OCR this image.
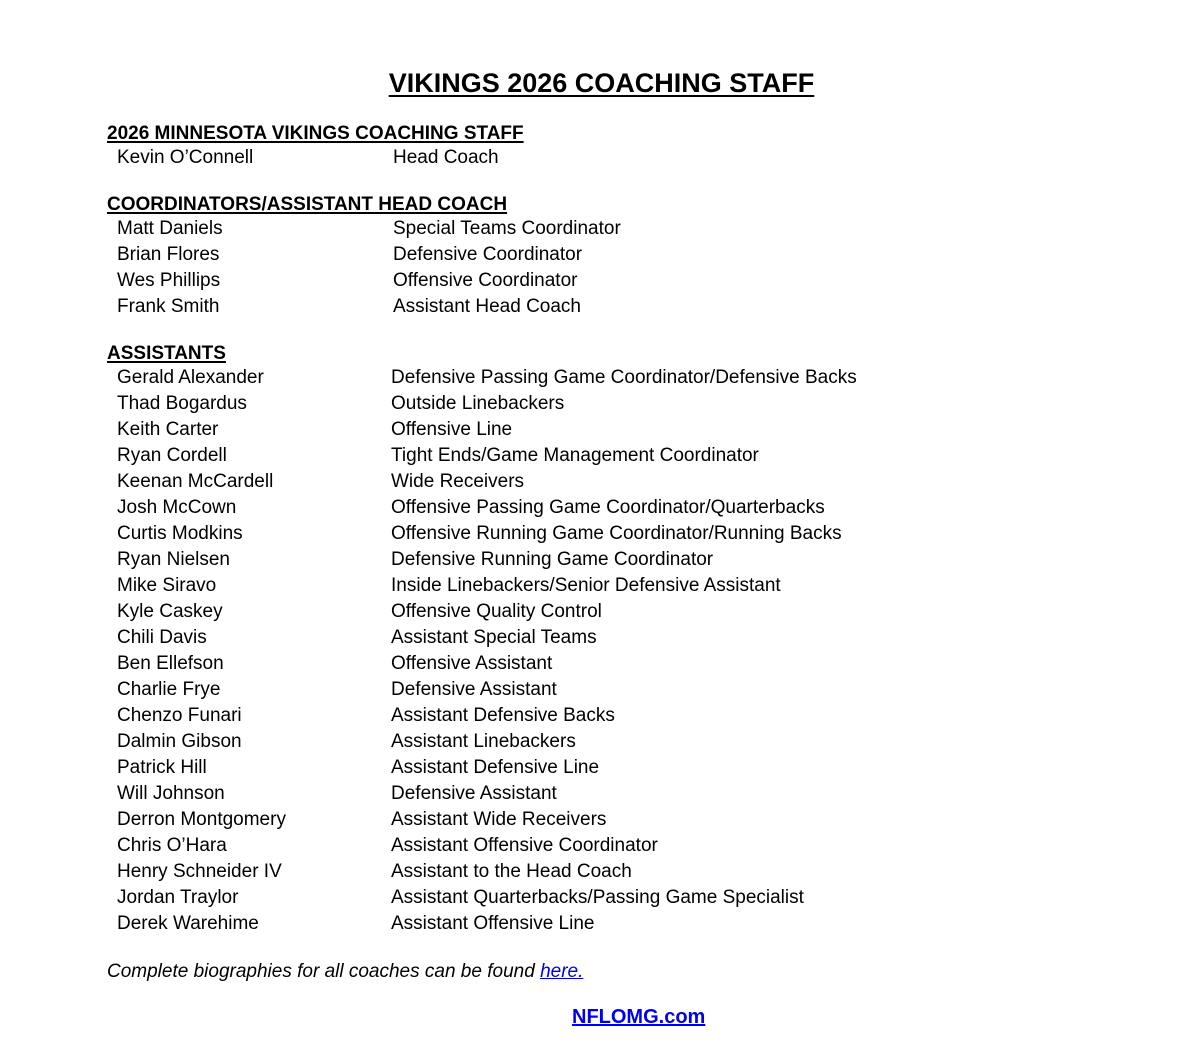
VIKINGS 2026 COACHING STAFF
2026 MINNESOTA VIKINGS COACHING STAFF
Kevin O’Connell	Head Coach
COORDINATORS/ASSISTANT HEAD COACH
Matt Daniels	Special Teams Coordinator
Brian Flores	Defensive Coordinator
Wes Phillips	Offensive Coordinator
Frank Smith	Assistant Head Coach
ASSISTANTS
Gerald Alexander	Defensive Passing Game Coordinator/Defensive Backs
Thad Bogardus	Outside Linebackers
Keith Carter	Offensive Line
Ryan Cordell	Tight Ends/Game Management Coordinator
Keenan McCardell	Wide Receivers
Josh McCown	Offensive Passing Game Coordinator/Quarterbacks
Curtis Modkins	Offensive Running Game Coordinator/Running Backs
Ryan Nielsen	Defensive Running Game Coordinator
Mike Siravo	Inside Linebackers/Senior Defensive Assistant
Kyle Caskey	Offensive Quality Control
Chili Davis	Assistant Special Teams
Ben Ellefson	Offensive Assistant
Charlie Frye	Defensive Assistant
Chenzo Funari	Assistant Defensive Backs
Dalmin Gibson	Assistant Linebackers
Patrick Hill	Assistant Defensive Line
Will Johnson	Defensive Assistant
Derron Montgomery	Assistant Wide Receivers
Chris O’Hara	Assistant Offensive Coordinator
Henry Schneider IV	Assistant to the Head Coach
Jordan Traylor	Assistant Quarterbacks/Passing Game Specialist
Derek Warehime	Assistant Offensive Line
Complete biographies for all coaches can be found here.
NFLOMG.com
